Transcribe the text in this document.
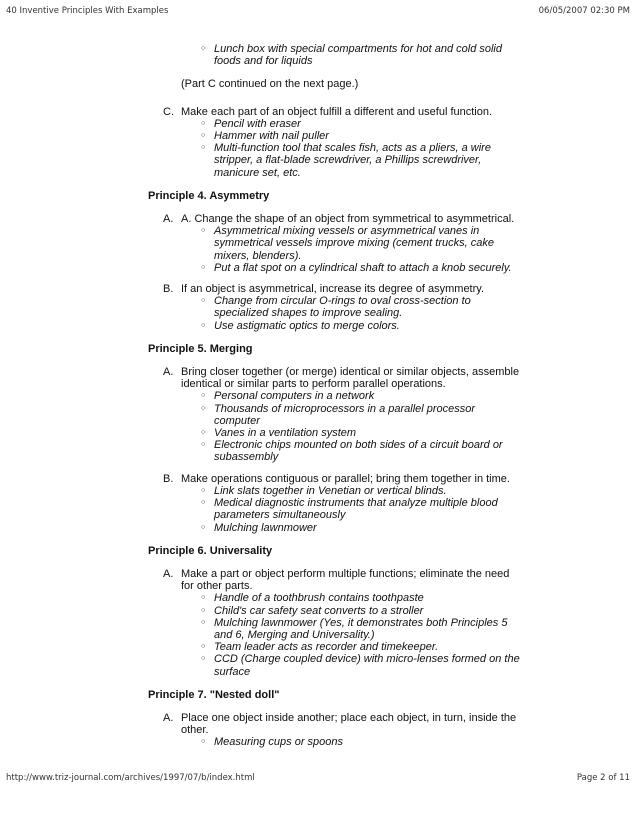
40 Inventive Principles With Examples	06/05/2007 02:30 PM
○ Lunch box with special compartments for hot and cold solid foods and for liquids
(Part C continued on the next page.)
C. Make each part of an object fulfill a different and useful function.
○ Pencil with eraser
○ Hammer with nail puller
○ Multi-function tool that scales fish, acts as a pliers, a wire stripper, a flat-blade screwdriver, a Phillips screwdriver, manicure set, etc.
Principle 4. Asymmetry
A. A. Change the shape of an object from symmetrical to asymmetrical.
○ Asymmetrical mixing vessels or asymmetrical vanes in symmetrical vessels improve mixing (cement trucks, cake mixers, blenders).
○ Put a flat spot on a cylindrical shaft to attach a knob securely.
B. If an object is asymmetrical, increase its degree of asymmetry.
○ Change from circular O-rings to oval cross-section to specialized shapes to improve sealing.
○ Use astigmatic optics to merge colors.
Principle 5. Merging
A. Bring closer together (or merge) identical or similar objects, assemble identical or similar parts to perform parallel operations.
○ Personal computers in a network
○ Thousands of microprocessors in a parallel processor computer
○ Vanes in a ventilation system
○ Electronic chips mounted on both sides of a circuit board or subassembly
B. Make operations contiguous or parallel; bring them together in time.
○ Link slats together in Venetian or vertical blinds.
○ Medical diagnostic instruments that analyze multiple blood parameters simultaneously
○ Mulching lawnmower
Principle 6. Universality
A. Make a part or object perform multiple functions; eliminate the need for other parts.
○ Handle of a toothbrush contains toothpaste
○ Child's car safety seat converts to a stroller
○ Mulching lawnmower (Yes, it demonstrates both Principles 5 and 6, Merging and Universality.)
○ Team leader acts as recorder and timekeeper.
○ CCD (Charge coupled device) with micro-lenses formed on the surface
Principle 7. "Nested doll"
A. Place one object inside another; place each object, in turn, inside the other.
○ Measuring cups or spoons
http://www.triz-journal.com/archives/1997/07/b/index.html	Page 2 of 11
